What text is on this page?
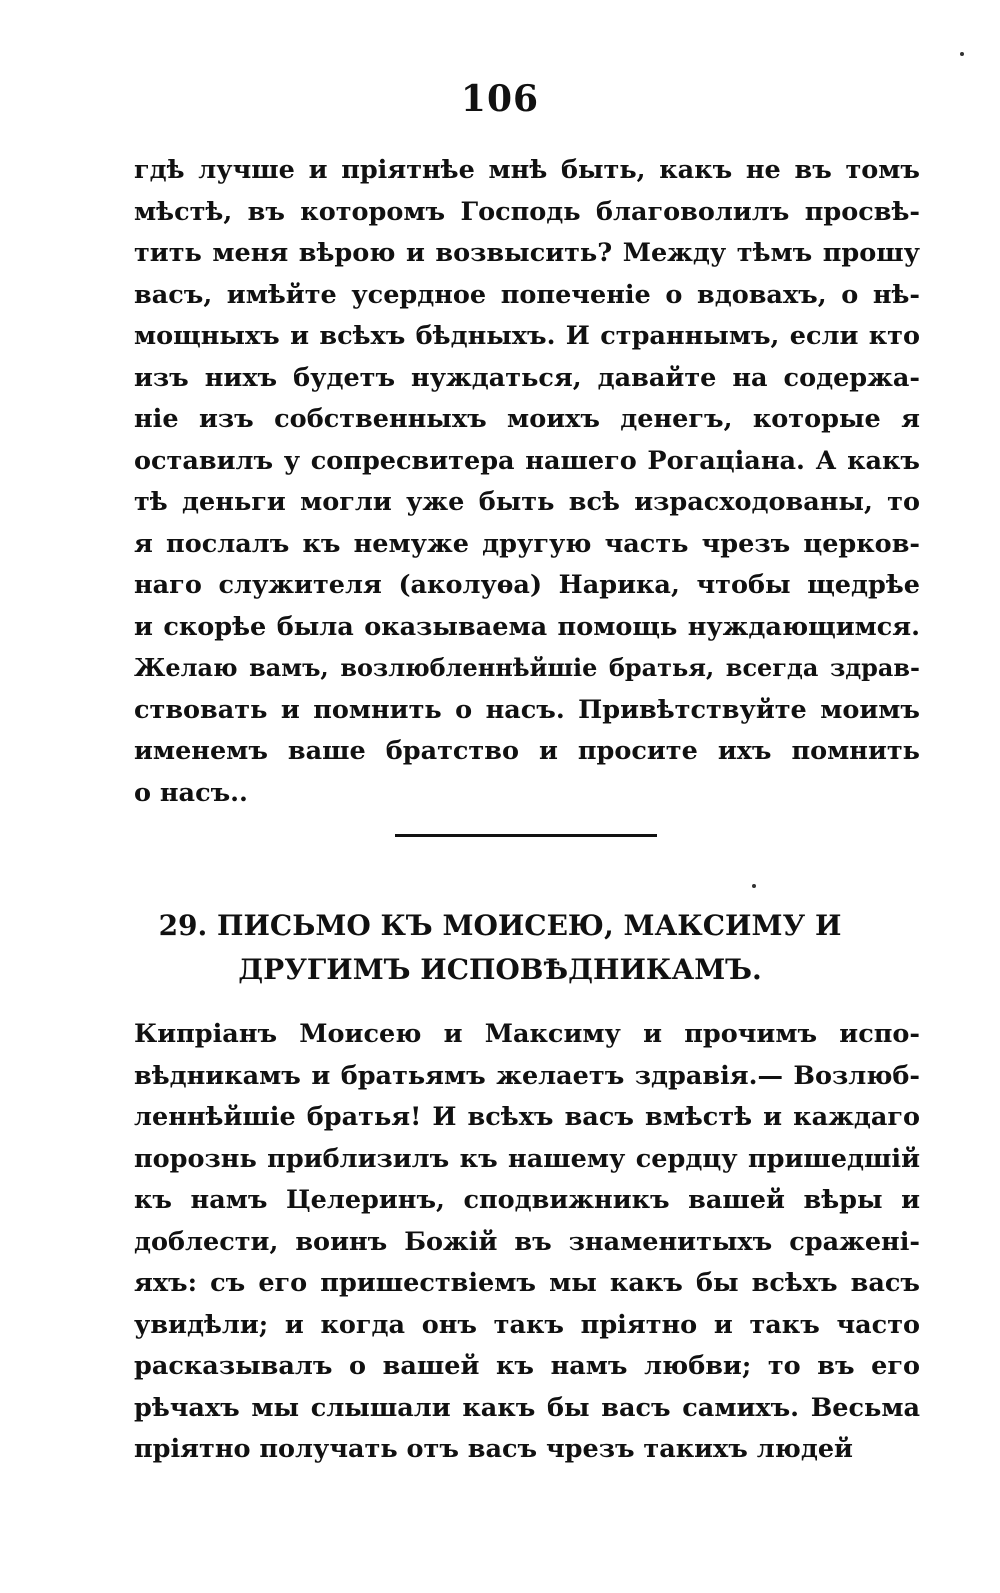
106
гдѣ лучше и пріятнѣе мнѣ быть, какъ не въ томъ
мѣстѣ, въ которомъ Господь благоволилъ просвѣ-
тить меня вѣрою и возвысить? Между тѣмъ прошу
васъ, имѣйте усердное попеченіе о вдовахъ, о нѣ-
мощныхъ и всѣхъ бѣдныхъ. И страннымъ, если кто
изъ нихъ будетъ нуждаться, давайте на содержа-
ніе изъ собственныхъ моихъ денегъ, которые я
оставилъ у сопресвитера нашего Рогаціана. А какъ
тѣ деньги могли уже быть всѣ израсходованы, то
я послалъ къ немуже другую часть чрезъ церков-
наго служителя (аколуѳа) Нарика, чтобы щедрѣе
и скорѣе была оказываема помощь нуждающимся.
Желаю вамъ, возлюбленнѣйшіе братья, всегда здрав-
ствовать и помнить о насъ. Привѣтствуйте моимъ
именемъ ваше братство и просите ихъ помнить
о насъ..
29. ПИСЬМО КЪ МОИСЕЮ, МАКСИМУ И
ДРУГИМЪ ИСПОВѢДНИКАМЪ.
Кипріанъ Моисею и Максиму и прочимъ испо-
вѣдникамъ и братьямъ желаетъ здравія.— Возлюб-
леннѣйшіе братья! И всѣхъ васъ вмѣстѣ и каждаго
порознь приблизилъ къ нашему сердцу пришедшій
къ намъ Целеринъ, сподвижникъ вашей вѣры и
доблести, воинъ Божій въ знаменитыхъ сраженi-
яхъ: съ его пришествіемъ мы какъ бы всѣхъ васъ
увидѣли; и когда онъ такъ пріятно и такъ часто
расказывалъ о вашей къ намъ любви; то въ его
рѣчахъ мы слышали какъ бы васъ самихъ. Весьма
пріятно получать отъ васъ чрезъ такихъ людей
